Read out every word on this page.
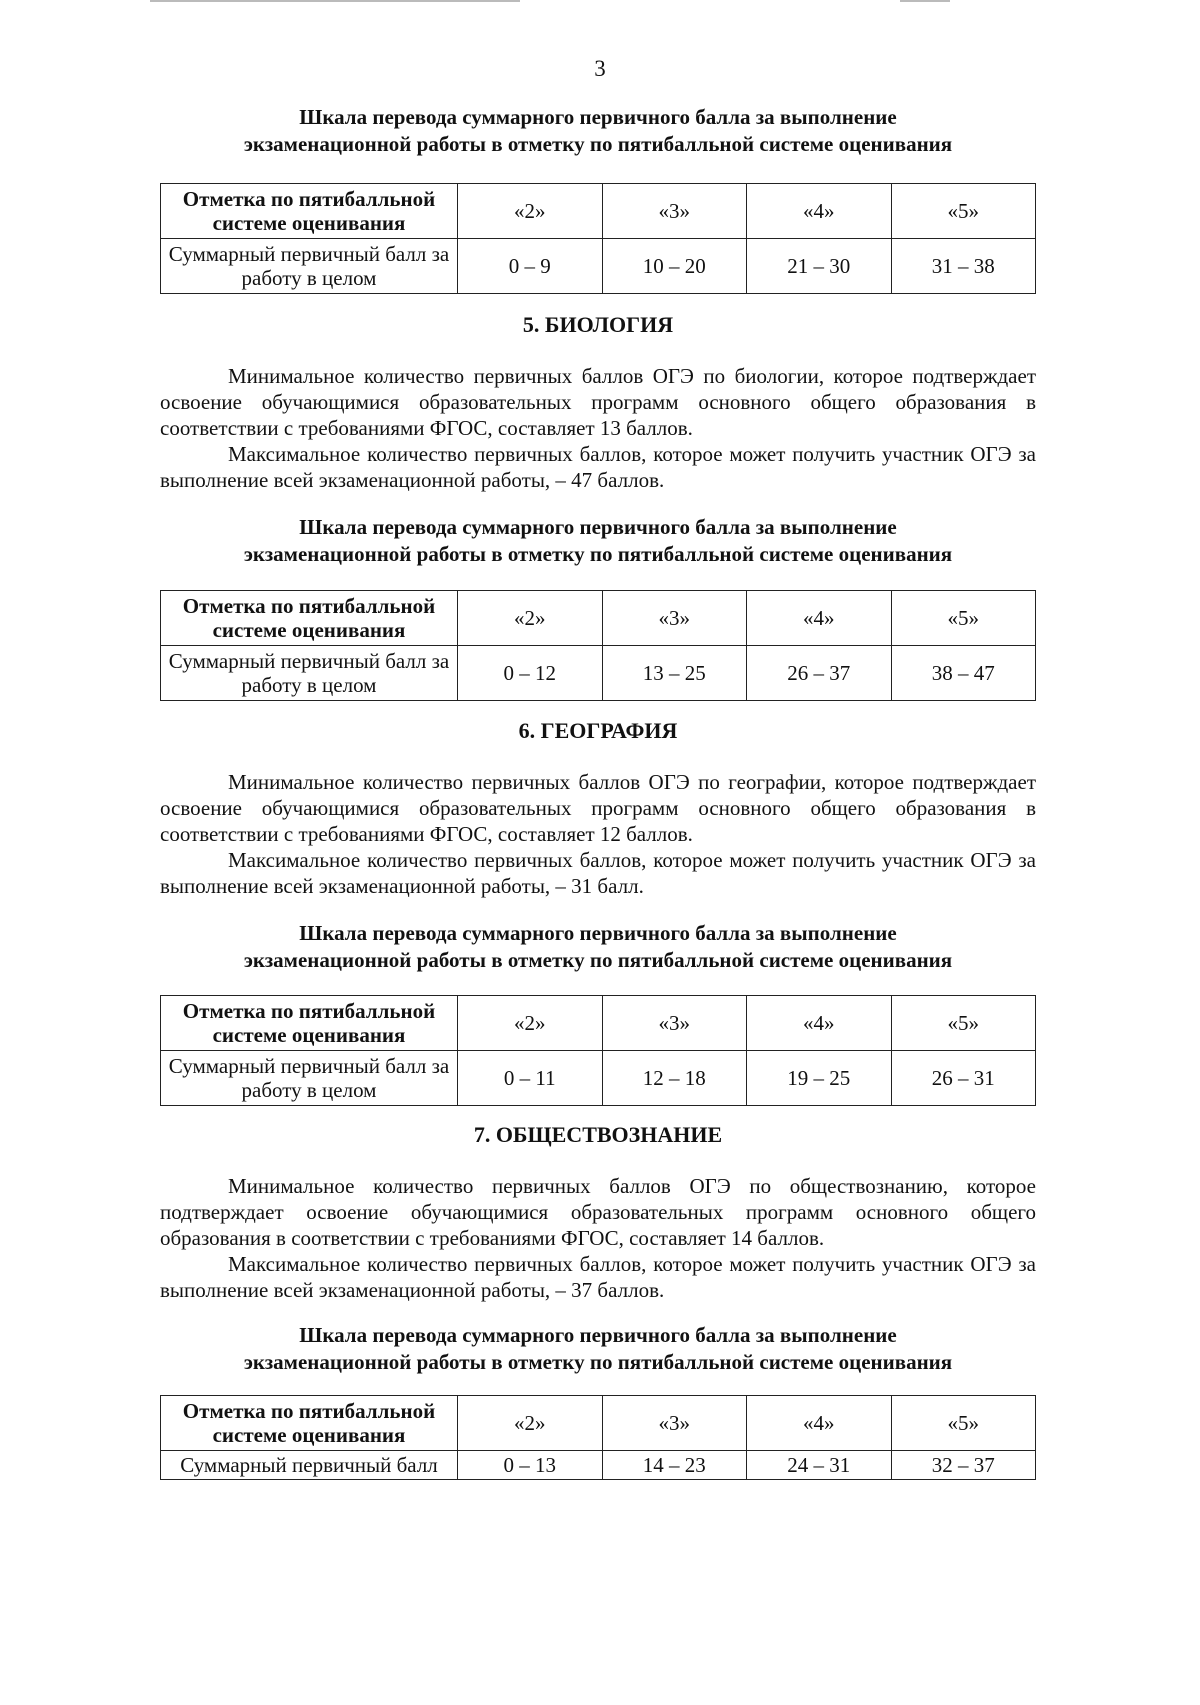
3
Шкала перевода суммарного первичного балла за выполнение
экзаменационной работы в отметку по пятибалльной системе оценивания
Отметка по пятибалльной системе оценивания	«2»	«3»	«4»	«5»
Суммарный первичный балл за работу в целом	0 – 9	10 – 20	21 – 30	31 – 38
5. БИОЛОГИЯ

Минимальное количество первичных баллов ОГЭ по биологии, которое подтверждает освоение обучающимися образовательных программ основного общего образования в соответствии с требованиями ФГОС, составляет 13 баллов.

Максимальное количество первичных баллов, которое может получить участник ОГЭ за выполнение всей экзаменационной работы, – 47 баллов.

Шкала перевода суммарного первичного балла за выполнение
экзаменационной работы в отметку по пятибалльной системе оценивания
Отметка по пятибалльной системе оценивания	«2»	«3»	«4»	«5»
Суммарный первичный балл за работу в целом	0 – 12	13 – 25	26 – 37	38 – 47
6. ГЕОГРАФИЯ

Минимальное количество первичных баллов ОГЭ по географии, которое подтверждает освоение обучающимися образовательных программ основного общего образования в соответствии с требованиями ФГОС, составляет 12 баллов.

Максимальное количество первичных баллов, которое может получить участник ОГЭ за выполнение всей экзаменационной работы, – 31 балл.

Шкала перевода суммарного первичного балла за выполнение
экзаменационной работы в отметку по пятибалльной системе оценивания
Отметка по пятибалльной системе оценивания	«2»	«3»	«4»	«5»
Суммарный первичный балл за работу в целом	0 – 11	12 – 18	19 – 25	26 – 31
7. ОБЩЕСТВОЗНАНИЕ

Минимальное количество первичных баллов ОГЭ по обществознанию, которое подтверждает освоение обучающимися образовательных программ основного общего образования в соответствии с требованиями ФГОС, составляет 14 баллов.

Максимальное количество первичных баллов, которое может получить участник ОГЭ за выполнение всей экзаменационной работы, – 37 баллов.

Шкала перевода суммарного первичного балла за выполнение
экзаменационной работы в отметку по пятибалльной системе оценивания
Отметка по пятибалльной системе оценивания	«2»	«3»	«4»	«5»
Суммарный первичный балл	0 – 13	14 – 23	24 – 31	32 – 37
